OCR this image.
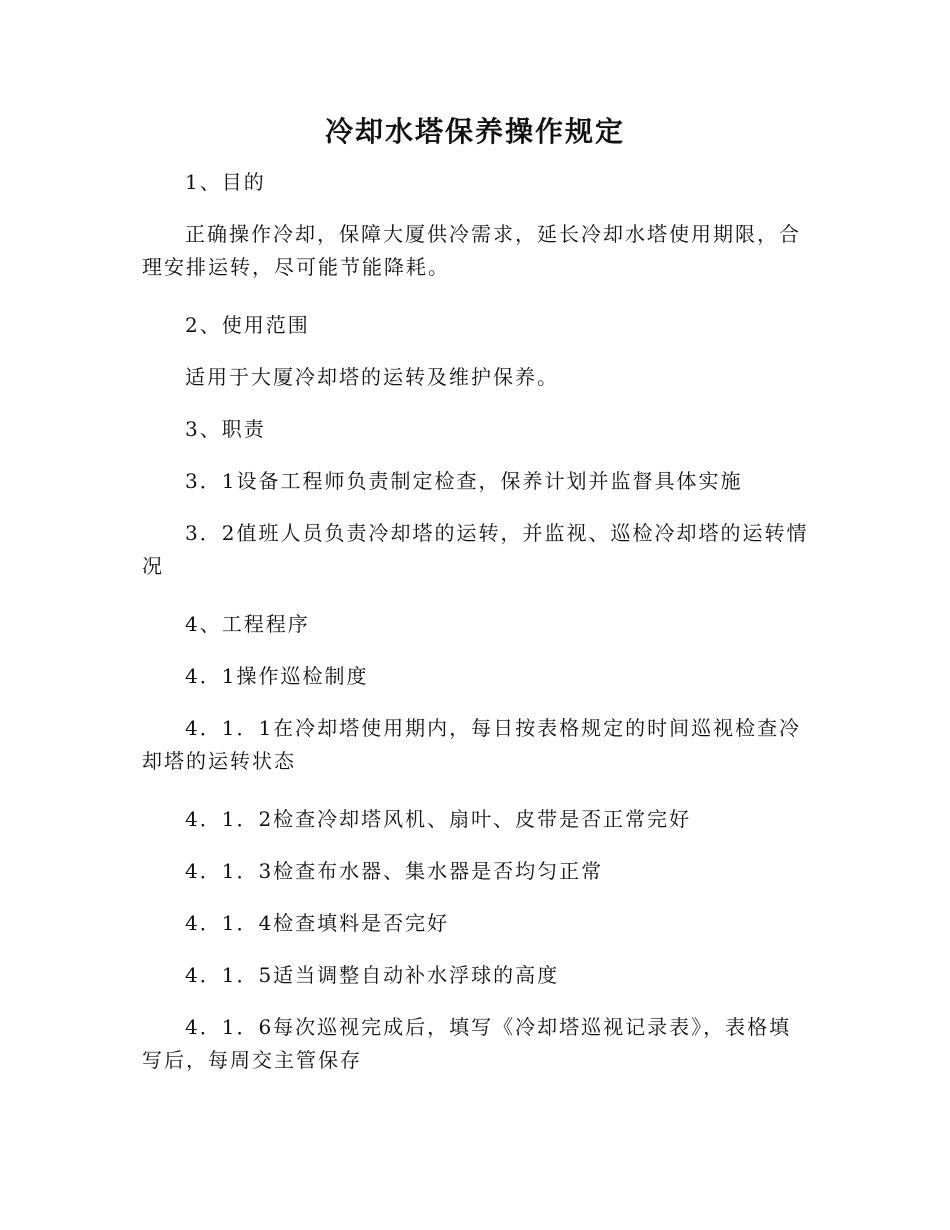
冷却水塔保养操作规定

1、目的

正确操作冷却，保障大厦供冷需求，延长冷却水塔使用期限，合理安排运转，尽可能节能降耗。

2、使用范围

适用于大厦冷却塔的运转及维护保养。

3、职责

3．1设备工程师负责制定检查，保养计划并监督具体实施

3．2值班人员负责冷却塔的运转，并监视、巡检冷却塔的运转情况

4、工程程序

4．1操作巡检制度

4．1．1在冷却塔使用期内，每日按表格规定的时间巡视检查冷却塔的运转状态

4．1．2检查冷却塔风机、扇叶、皮带是否正常完好

4．1．3检查布水器、集水器是否均匀正常

4．1．4检查填料是否完好

4．1．5适当调整自动补水浮球的高度

4．1．6每次巡视完成后，填写《冷却塔巡视记录表》，表格填写后，每周交主管保存
